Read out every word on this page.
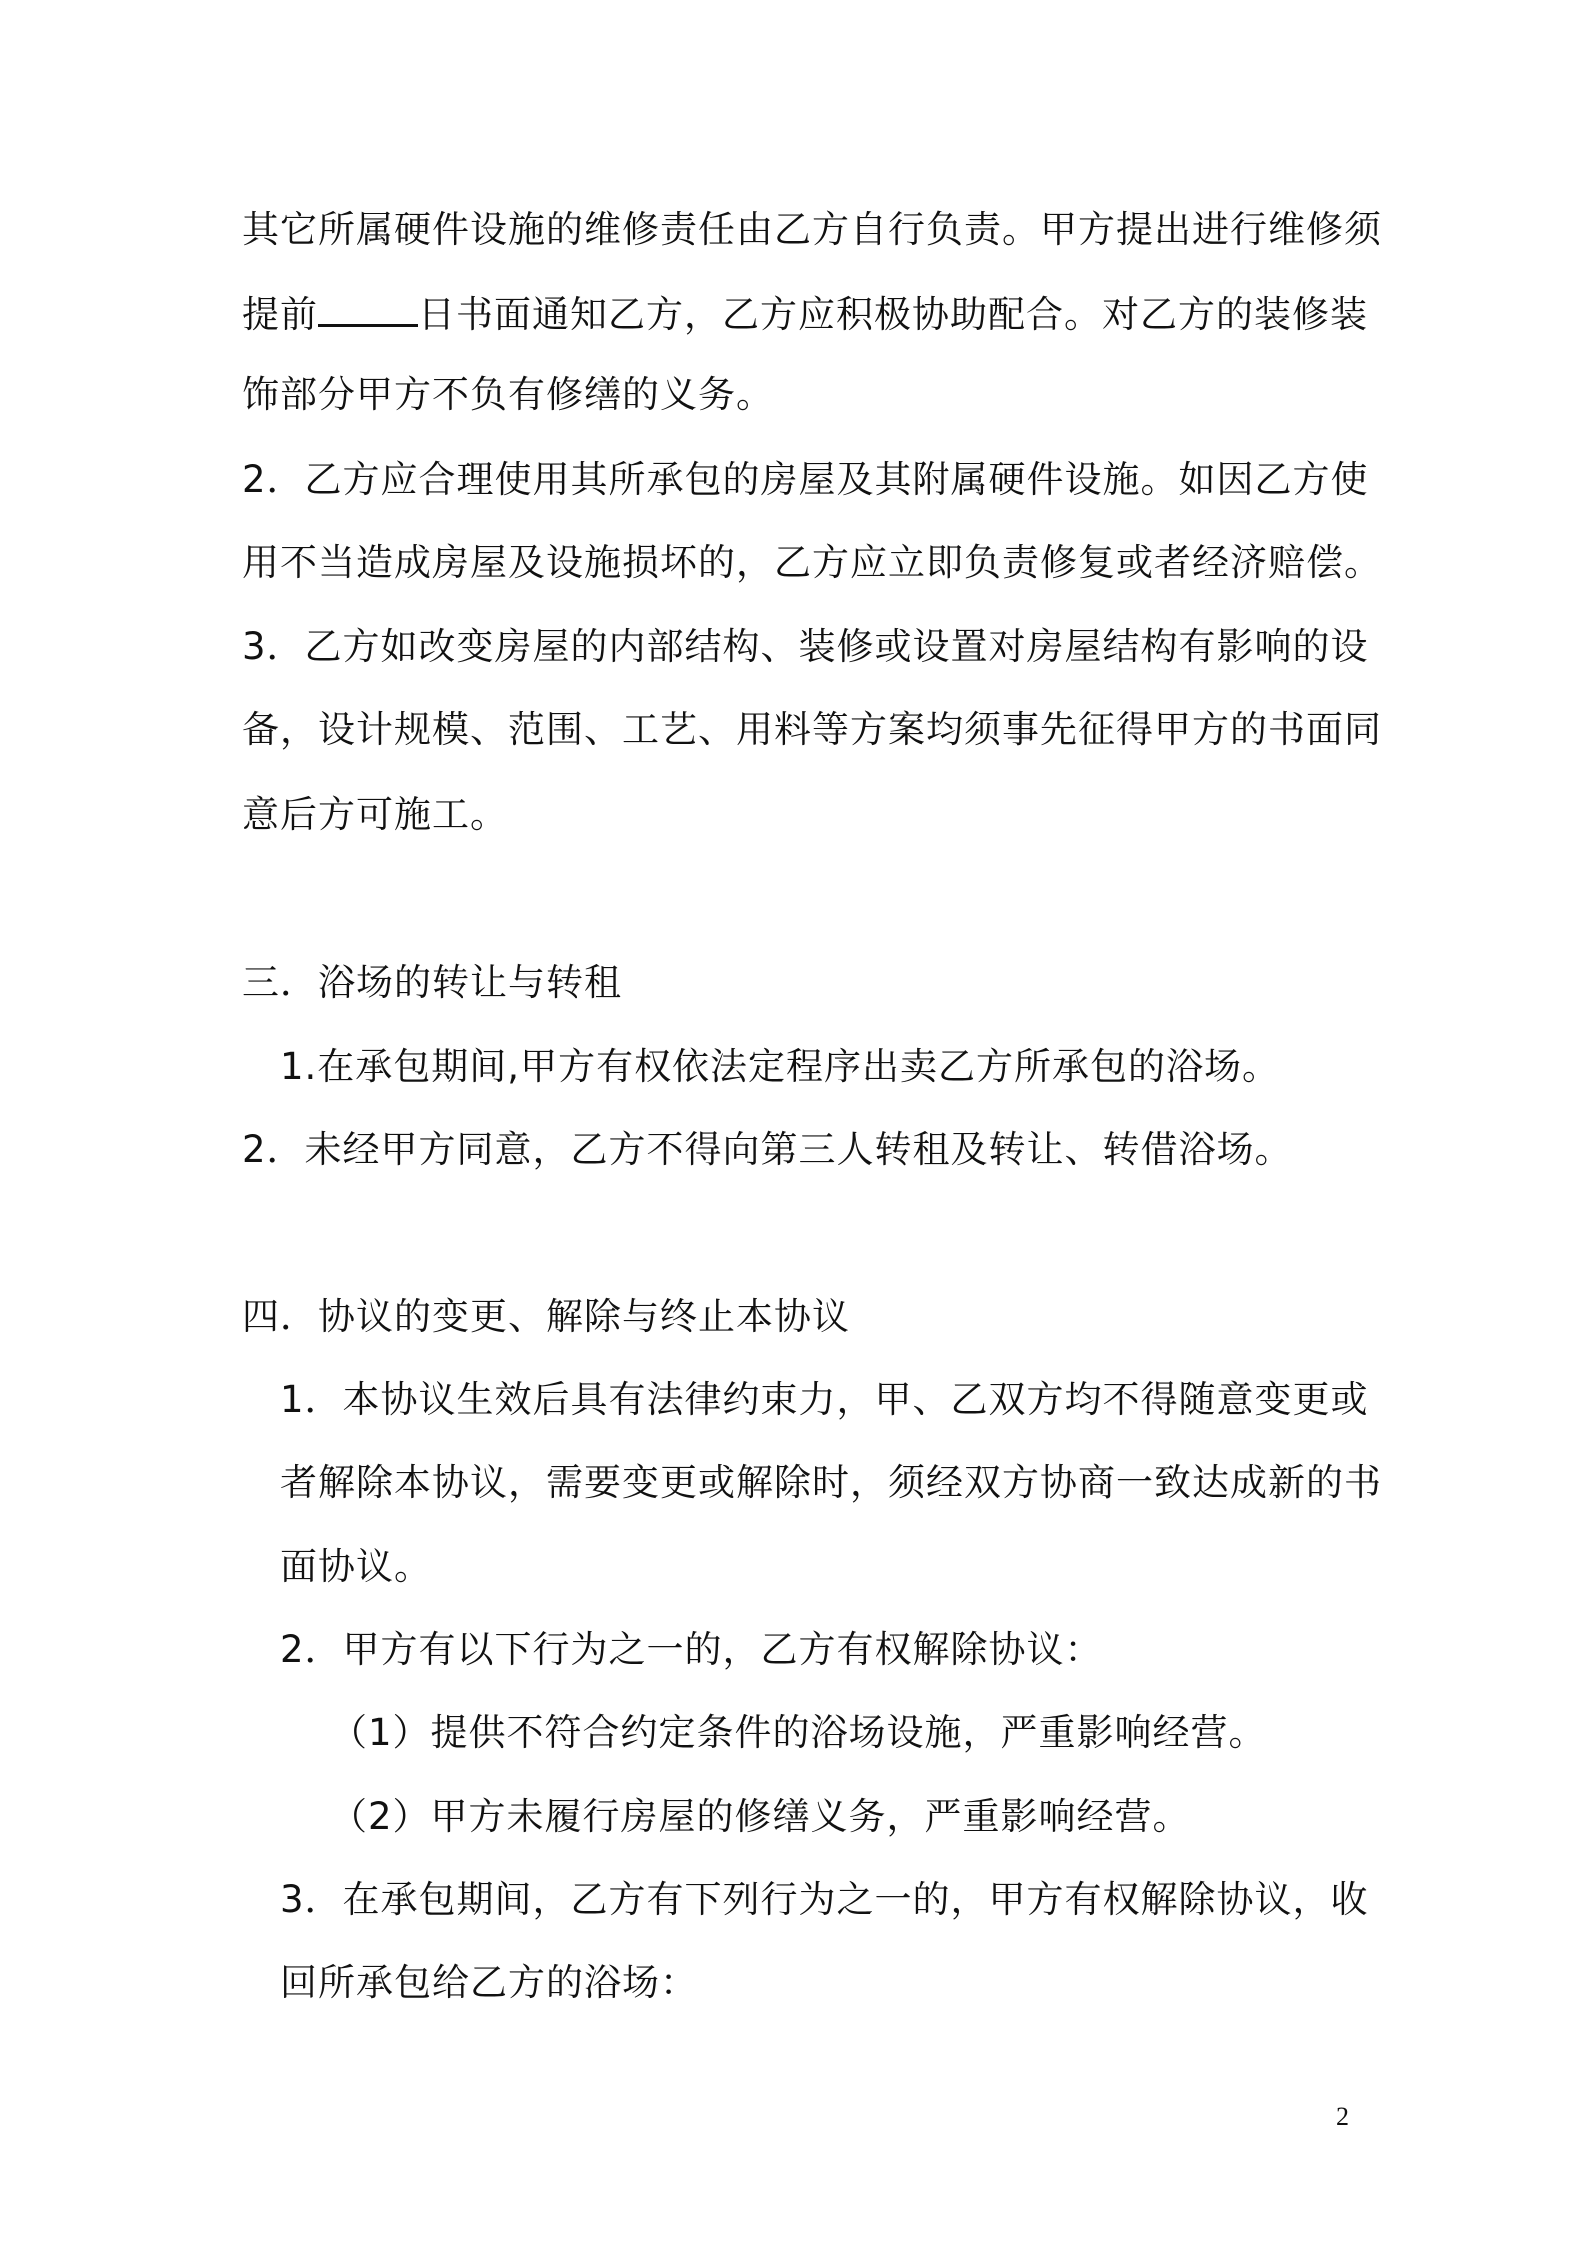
其它所属硬件设施的维修责任由乙方自行负责。甲方提出进行维修须
提前	日书面通知乙方，乙方应积极协助配合。对乙方的装修装
饰部分甲方不负有修缮的义务。
2．乙方应合理使用其所承包的房屋及其附属硬件设施。如因乙方使
用不当造成房屋及设施损坏的，乙方应立即负责修复或者经济赔偿。
3．乙方如改变房屋的内部结构、装修或设置对房屋结构有影响的设
备，设计规模、范围、工艺、用料等方案均须事先征得甲方的书面同
意后方可施工。
三．浴场的转让与转租
1.在承包期间,甲方有权依法定程序出卖乙方所承包的浴场。
2．未经甲方同意，乙方不得向第三人转租及转让、转借浴场。
四．协议的变更、解除与终止本协议
1．本协议生效后具有法律约束力，甲、乙双方均不得随意变更或
者解除本协议，需要变更或解除时，须经双方协商一致达成新的书
面协议。
2．甲方有以下行为之一的，乙方有权解除协议：
（1）提供不符合约定条件的浴场设施，严重影响经营。
（2）甲方未履行房屋的修缮义务，严重影响经营。
3．在承包期间，乙方有下列行为之一的，甲方有权解除协议，收
回所承包给乙方的浴场：
2
